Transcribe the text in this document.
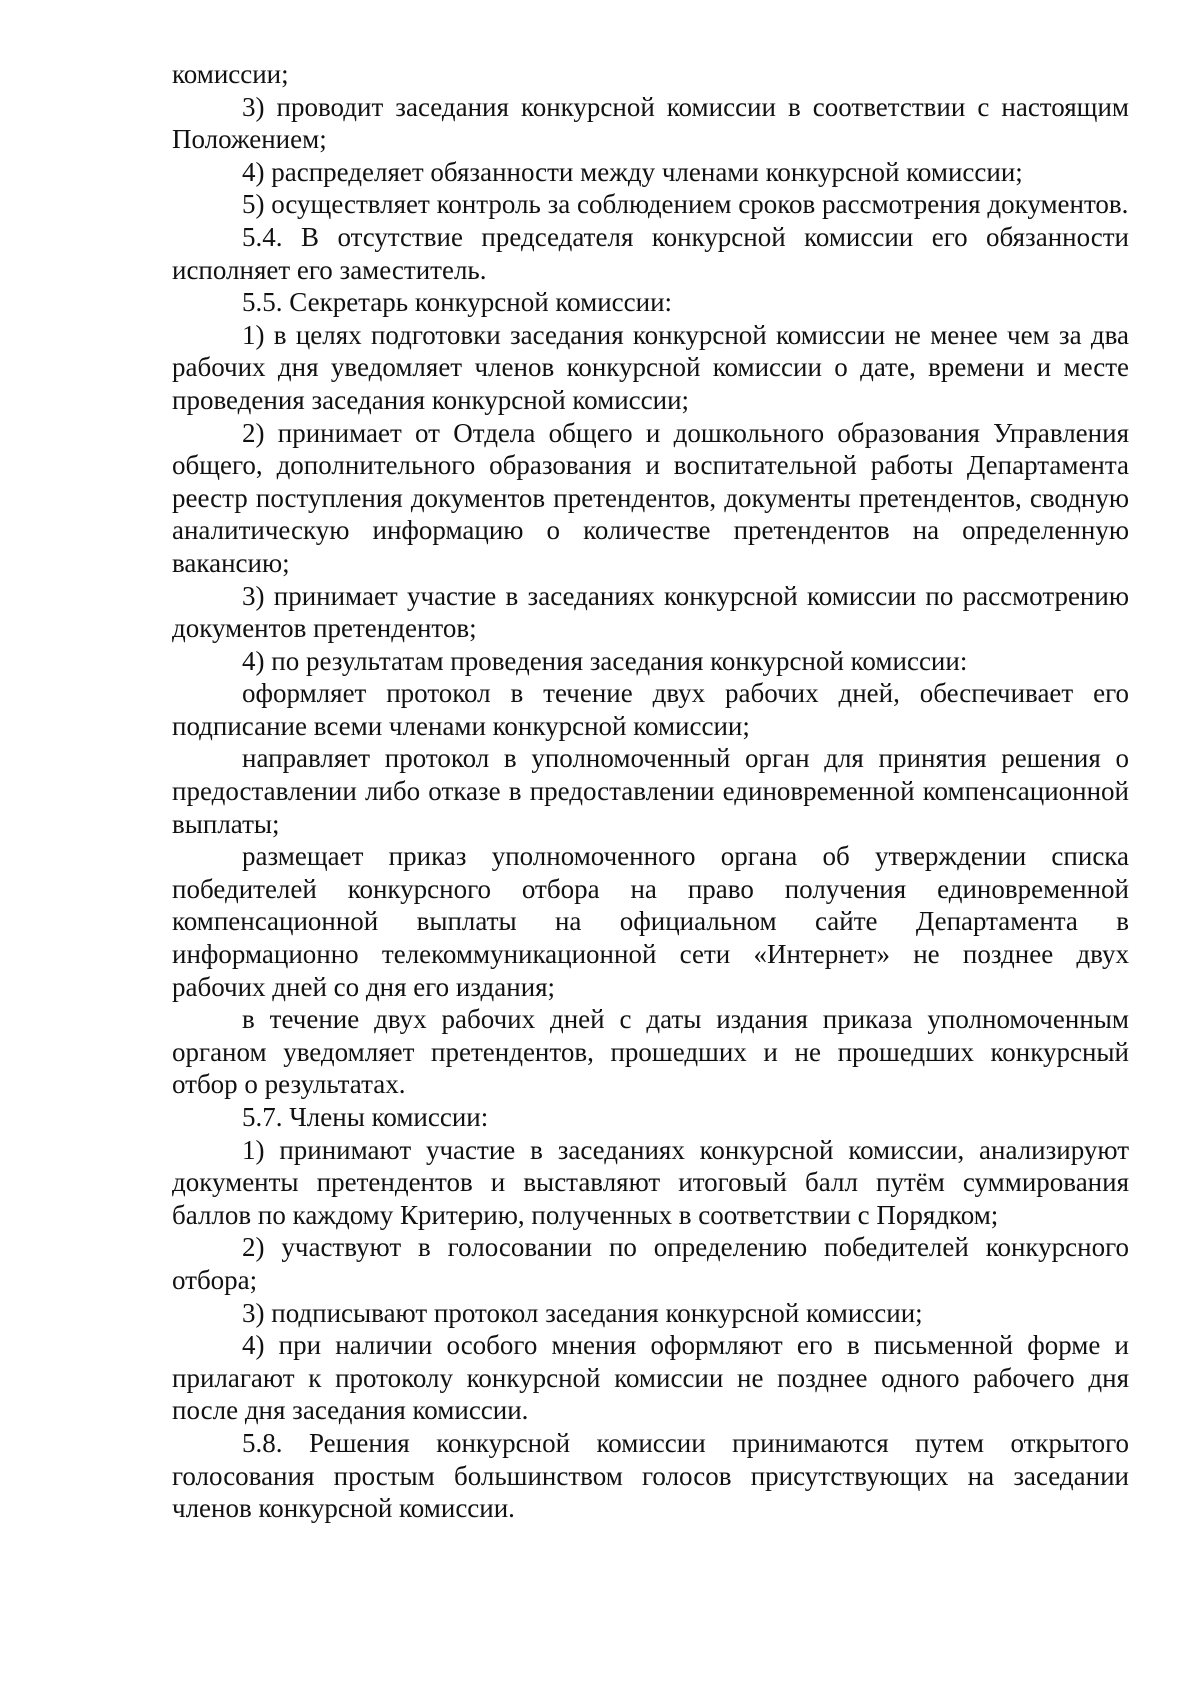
комиссии;

3) проводит заседания конкурсной комиссии в соответствии с настоящим Положением;

4) распределяет обязанности между членами конкурсной комиссии;

5) осуществляет контроль за соблюдением сроков рассмотрения документов.

5.4. В отсутствие председателя конкурсной комиссии его обязанности исполняет его заместитель.

5.5. Секретарь конкурсной комиссии:

1) в целях подготовки заседания конкурсной комиссии не менее чем за два рабочих дня уведомляет членов конкурсной комиссии о дате, времени и месте проведения заседания конкурсной комиссии;

2) принимает от Отдела общего и дошкольного образования Управления общего, дополнительного образования и воспитательной работы Департамента реестр поступления документов претендентов, документы претендентов, сводную аналитическую информацию о количестве претендентов на определенную вакансию;

3) принимает участие в заседаниях конкурсной комиссии по рассмотрению документов претендентов;

4) по результатам проведения заседания конкурсной комиссии:

оформляет протокол в течение двух рабочих дней, обеспечивает его подписание всеми членами конкурсной комиссии;

направляет протокол в уполномоченный орган для принятия решения о предоставлении либо отказе в предоставлении единовременной компенсационной выплаты;

размещает приказ уполномоченного органа об утверждении списка победителей конкурсного отбора на право получения единовременной компенсационной выплаты на официальном сайте Департамента в информационно телекоммуникационной сети «Интернет» не позднее двух рабочих дней со дня его издания;

в течение двух рабочих дней с даты издания приказа уполномоченным органом уведомляет претендентов, прошедших и не прошедших конкурсный отбор о результатах.

5.7. Члены комиссии:

1) принимают участие в заседаниях конкурсной комиссии, анализируют документы претендентов и выставляют итоговый балл путём суммирования баллов по каждому Критерию, полученных в соответствии с Порядком;

2) участвуют в голосовании по определению победителей конкурсного отбора;

3) подписывают протокол заседания конкурсной комиссии;

4) при наличии особого мнения оформляют его в письменной форме и прилагают к протоколу конкурсной комиссии не позднее одного рабочего дня после дня заседания комиссии.

5.8. Решения конкурсной комиссии принимаются путем открытого голосования простым большинством голосов присутствующих на заседании членов конкурсной комиссии.
